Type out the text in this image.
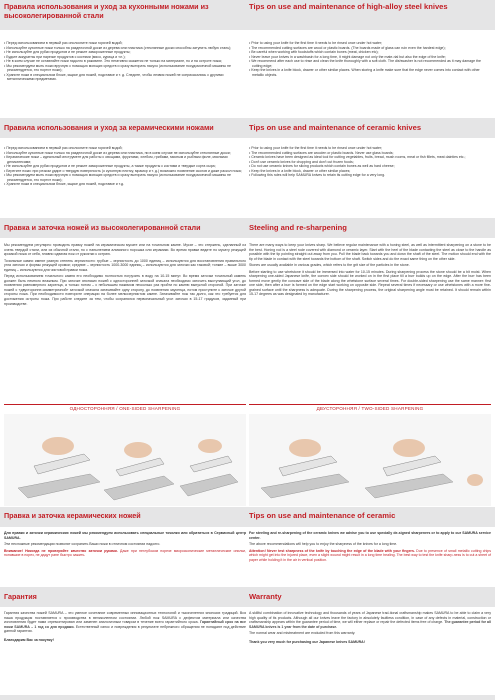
Правила использования и уход за кухонными ножами из высоколегированной стали
Tips on use and maintenance of high-alloy steel knives
• Перед использованием в первый раз ополосните ножи горячей водой;
• Используйте кухонные ножи только на разделочной доске из дерева или пластика (стеклянные доски способны затупить любую сталь);
• Не используйте для рубки продуктов и не режьте замороженные продукты;
• Будьте аккуратны при нарезке продуктов с костями (мясо, курица и т.п.);
• Не в коем случае не оставляйте ножи надолго в раковине. Это негативно скажется не только на материале, но и на остроте ножа;
• Мы рекомендуем мыть ножи вручную с помощью моющих средств и сразу вытирать насухо (использование посудомоечной машины не рекомендуется, это портит ножи);
• Храните ножи в специальном блоке, ящике для ножей, подставке и т. д. Следите, чтобы лезвия ножей не соприкасались с другими металлическими предметами.
• Prior to using your knife for the first time it needs to be rinsed once under hot water;
• The recommended cutting surfaces are wood or plastic boards. (The boards made of glass can ruin even the hardest edge);
• Be careful when working with foodstuffs which contain bones (meat, chicken etc);
• Never leave your knives in a washbasin for a long time, it might damage not only the mate-rial but also the edge of the knife;
• We recommend after each use to rinse and clean the knife thoroughly with a soft cloth. The dishwasher is not recommended as it may damage the cutting edge;
• Keep the knives in a knife block, drawer or other similar places. When storing a knife make sure that the edge never comes into contact with other metallic objects.
Правила использования и уход за керамическими ножами	Tips on use and maintenance of ceramic knives
• Перед использованием в первый раз ополосните ножи горячей водой;
• Используйте кухонные ножи только на разделочной доске из дерева или пластика, ни в коем случае не используйте стеклянные доски;
• Керамические ножи – идеальный инструмент для работы с овощами, фруктами, хлебом, грибами, мясным и рыбным филе, мясными деликатесами;
• Не используйте для рубки продуктов и не режьте замороженные продукты, а также продукты с костями и твердые сорта сыра;
• Берегите ножи: при резком ударе о твердую поверхность (о кухонную плитку, мрамор и т. д.) возможно появление сколов и даже раскол ножа;
• Мы рекомендуем мыть ножи вручную с помощью моющих средств и сразу вытирать насухо (использование посудомоечной машины не рекомендуется, это портит ножи);
• Храните ножи в специальном блоке, ящике для ножей, подставке и т.д.
• Prior to using your knife for the first time it needs to be rinsed once under hot water;
• The recommended cutting surfaces are wooden or plastic boards. Never use glass boards;
• Ceramic knives have been designed as ideal tool for cutting vegetables, fruits, bread, mush rooms, meat or fish fillets, meat dainties etc.;
• Don't use ceramic knives for chopping and don't cut frozen foods;
• Do not use ceramic knives for slicing products which contain bones as well as hard cheese;
• Keep the knives in a knife block, drawer or other similar places;
• Following this rules will help SAMURA knives to retain its cutting edge for a very long.
Правка и заточка ножей из высоколегированной стали	Steeling and re-sharpening

Мы рекомендуем регулярно проводить правку ножей на керамическом мусате или на точильном камне. Мусат – это стержень, сделанный из очень твердой стали, или из обычной стали, но с напылением алмазного порошка или керамики. Во время правки ведите по мусату режущей кромкой ножа от себя, плавно сдвигая нож от рукоятки к острию.

Точильные камни имеют разную степень зернистости: грубые – зернистость до 1000 единиц – используются для восстановления правильного угла заточки и формы режущей кромки; средние – зернистость 1000-3000 единиц – используются для заточки как таковой; тонкие – выше 3000 единиц – используются для чистовой правки ножа.

Перед использованием точильного камня его необходимо полностью погрузить в воду на 10-15 минут. Во время заточки точильный камень должен быть немного влажным. При заточке японских ножей с односторонней заточкой сначала необходимо заточить выступающий угол, до появления равномерного заусенца, а только потом – с небольшим нажимом несколько раз пройти по камню выпуклой стороной. При заточке ножей с «двусторонне-симметричной» заточкой сначала затачивайте одну сторону, до появления заусенца, потом проступите к заточке другой стороны ножа. При необходимости повторите операции на более мелкозернистом камне. Затачивайте нож так долго, как это требуется для достижения остроты ножа. При работе следите за тем, чтобы сохранялся первоначальный угол заточки в 15-17 градусов, заданный при производстве.

There are many ways to keep your knives sharp. We believe regular maintenance with a honing steel, as well as intermittent sharpening on a stone to be the best. Honing rod is a steel rode covered with diamond or ceramic layer. Start with the heel of the blade contacting the steel as close to the handle as possible with the tip pointing straight out away from you. Pull the blade back towards you and down the shaft of the steel. The motion should end with the tip of the blade in contact with the steel towards the bottom of the shaft. Switch sides and do the exact same thing on the other side.

Stones are usually available in various grades, which refers to the grit size of the particles in the stone.

Before starting to use whetstone it should be immersed into water for 10-15 minutes. During sharpening process the stone should be a bit moist. When sharpening one-sided Japanese knife, the convex side should be worked on in the first place till a burr builds up on the edge. After the burr has been formed move gently the concave side of the blade along the whetstone surface several times. For double-sided sharpening use the same manner: first one side, then after a burr is formed on the edge start working on opposite side. Repeat several times if necessary or use whetstones with a more fine-grained surface until the sharpness is adequate. During the sharpening process, the original sharpening angle must be retained. It should remain within 15-17 degrees as was designated by manufacturer.

ОДНОСТОРОННЯЯ / ONE-SIDED SHARPENING	ДВУСТОРОННЯЯ / TWO-SIDED SHARPENING
Правка и заточка керамических ножей	Tips on use and maintenance of ceramic

Для правки и заточки керамических ножей мы рекомендуем использовать специальные точилки или обратиться в Сервисный центр SAMURA.

Эти несложные рекомендации позволят сохранить Ваши ножи в отличном состоянии надолго.

Внимание! Никогда не проверяйте качество заточки руками. Даже при неглубоком порезе микроскопические металлические опилки, попавшие в порез, не дадут ране быстро зажить.

For steeling and re-sharpening of the ceramic knives we advise you to use specially de-signed sharpeners or to apply to our SAMURA service center.

The above recommendations will help you to enjoy the sharpness of the knives for a long time.

Attention! Never test sharpness of the knife by touching the edge of the blade with your fingers. Due to presence of small metallic cutting chips which might get into the injured place, even a slight wound might result in a long time healing. The best way to test the knife sharp-ness is to cut a sheet of paper while holding it in the air in vertical position.

Гарантия	Warranty

Гарантия качества ножей SAMURA – это умелое сочетание современных инновационных технологий и тысячелетних японских традиций. Вся наша продукция поставляется с производства в великолепном состоянии. Любой нож SAMURA с дефектом материала или качества изготовления будет нами отремонтирован или заменен аналогичным товаром в течение всего гарантийного срока. Гарантийный срок на все ножи SAMURA – 1 год со дня продажи. Естественный износ и повреждения в результате небрежного обращения не попадают под действие данной гарантии.

Благодарим Вас за покупку!

A skillful combination of innovative technology and thousands of years of Japanese trad-tional craftsmanship makes SAMURA to be able to claim a very high quality of its products. Although all our knives leave the factory in absolutely faultless condition, in case of any defects in material, construction or craftsmanship appears within the guarantee period of time, we will either replace or repair the defected items free of charge. The guarantee period for all SAMURA knives is 1 year from the date of purchase.

The normal wear and mistreatment are excluded from this warranty.

Thank you very much for purchasing our Japanese knives SAMURA!
